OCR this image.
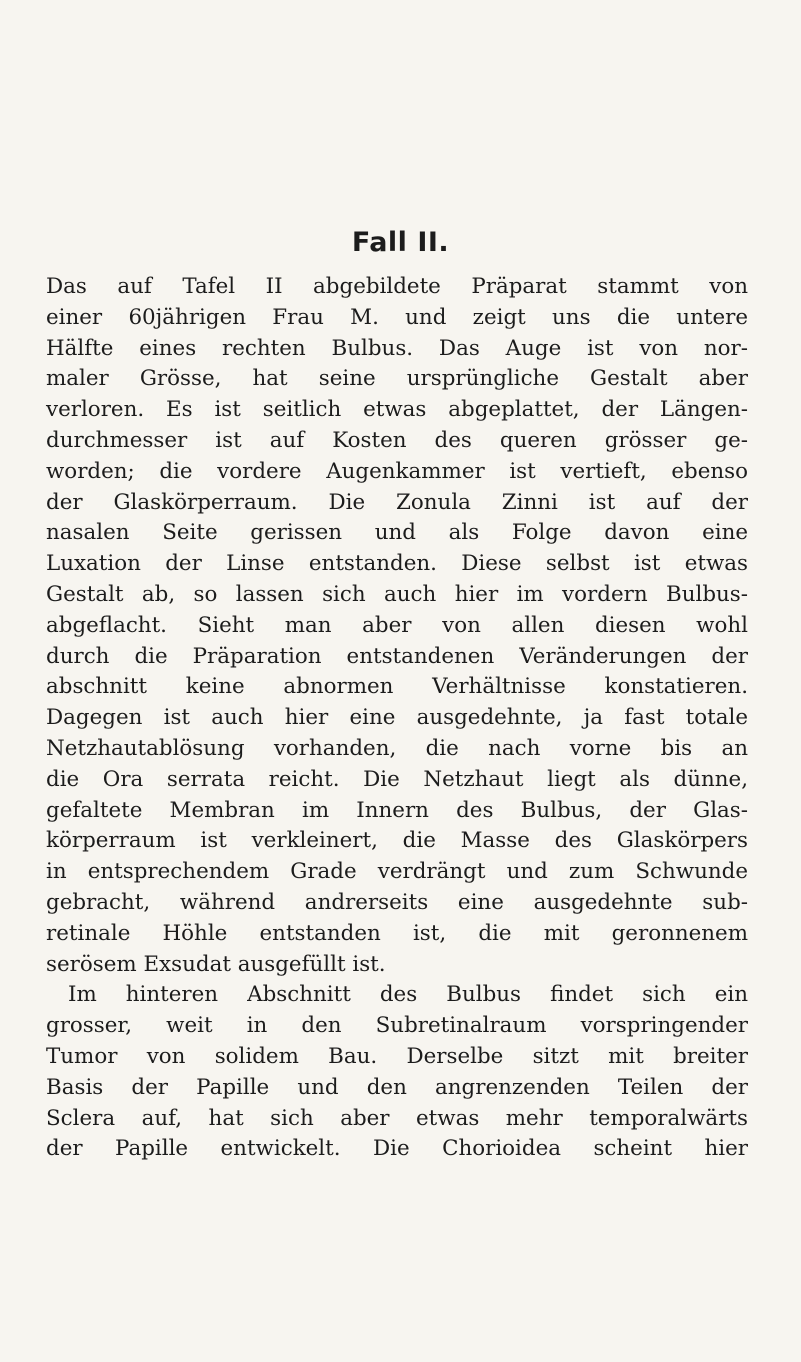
Fall II.
Das auf Tafel II abgebildete Präparat stammt von
einer 60jährigen Frau M. und zeigt uns die untere
Hälfte eines rechten Bulbus. Das Auge ist von nor-
maler Grösse, hat seine ursprüngliche Gestalt aber
verloren. Es ist seitlich etwas abgeplattet, der Längen-
durchmesser ist auf Kosten des queren grösser ge-
worden; die vordere Augenkammer ist vertieft, ebenso
der Glaskörperraum. Die Zonula Zinni ist auf der
nasalen Seite gerissen und als Folge davon eine
Luxation der Linse entstanden. Diese selbst ist etwas
Gestalt ab, so lassen sich auch hier im vordern Bulbus-
abgeflacht. Sieht man aber von allen diesen wohl
durch die Präparation entstandenen Veränderungen der
abschnitt keine abnormen Verhältnisse konstatieren.
Dagegen ist auch hier eine ausgedehnte, ja fast totale
Netzhautablösung vorhanden, die nach vorne bis an
die Ora serrata reicht. Die Netzhaut liegt als dünne,
gefaltete Membran im Innern des Bulbus, der Glas-
körperraum ist verkleinert, die Masse des Glaskörpers
in entsprechendem Grade verdrängt und zum Schwunde
gebracht, während andrerseits eine ausgedehnte sub-
retinale Höhle entstanden ist, die mit geronnenem
serösem Exsudat ausgefüllt ist.
Im hinteren Abschnitt des Bulbus findet sich ein
grosser, weit in den Subretinalraum vorspringender
Tumor von solidem Bau. Derselbe sitzt mit breiter
Basis der Papille und den angrenzenden Teilen der
Sclera auf, hat sich aber etwas mehr temporalwärts
der Papille entwickelt. Die Chorioidea scheint hier
